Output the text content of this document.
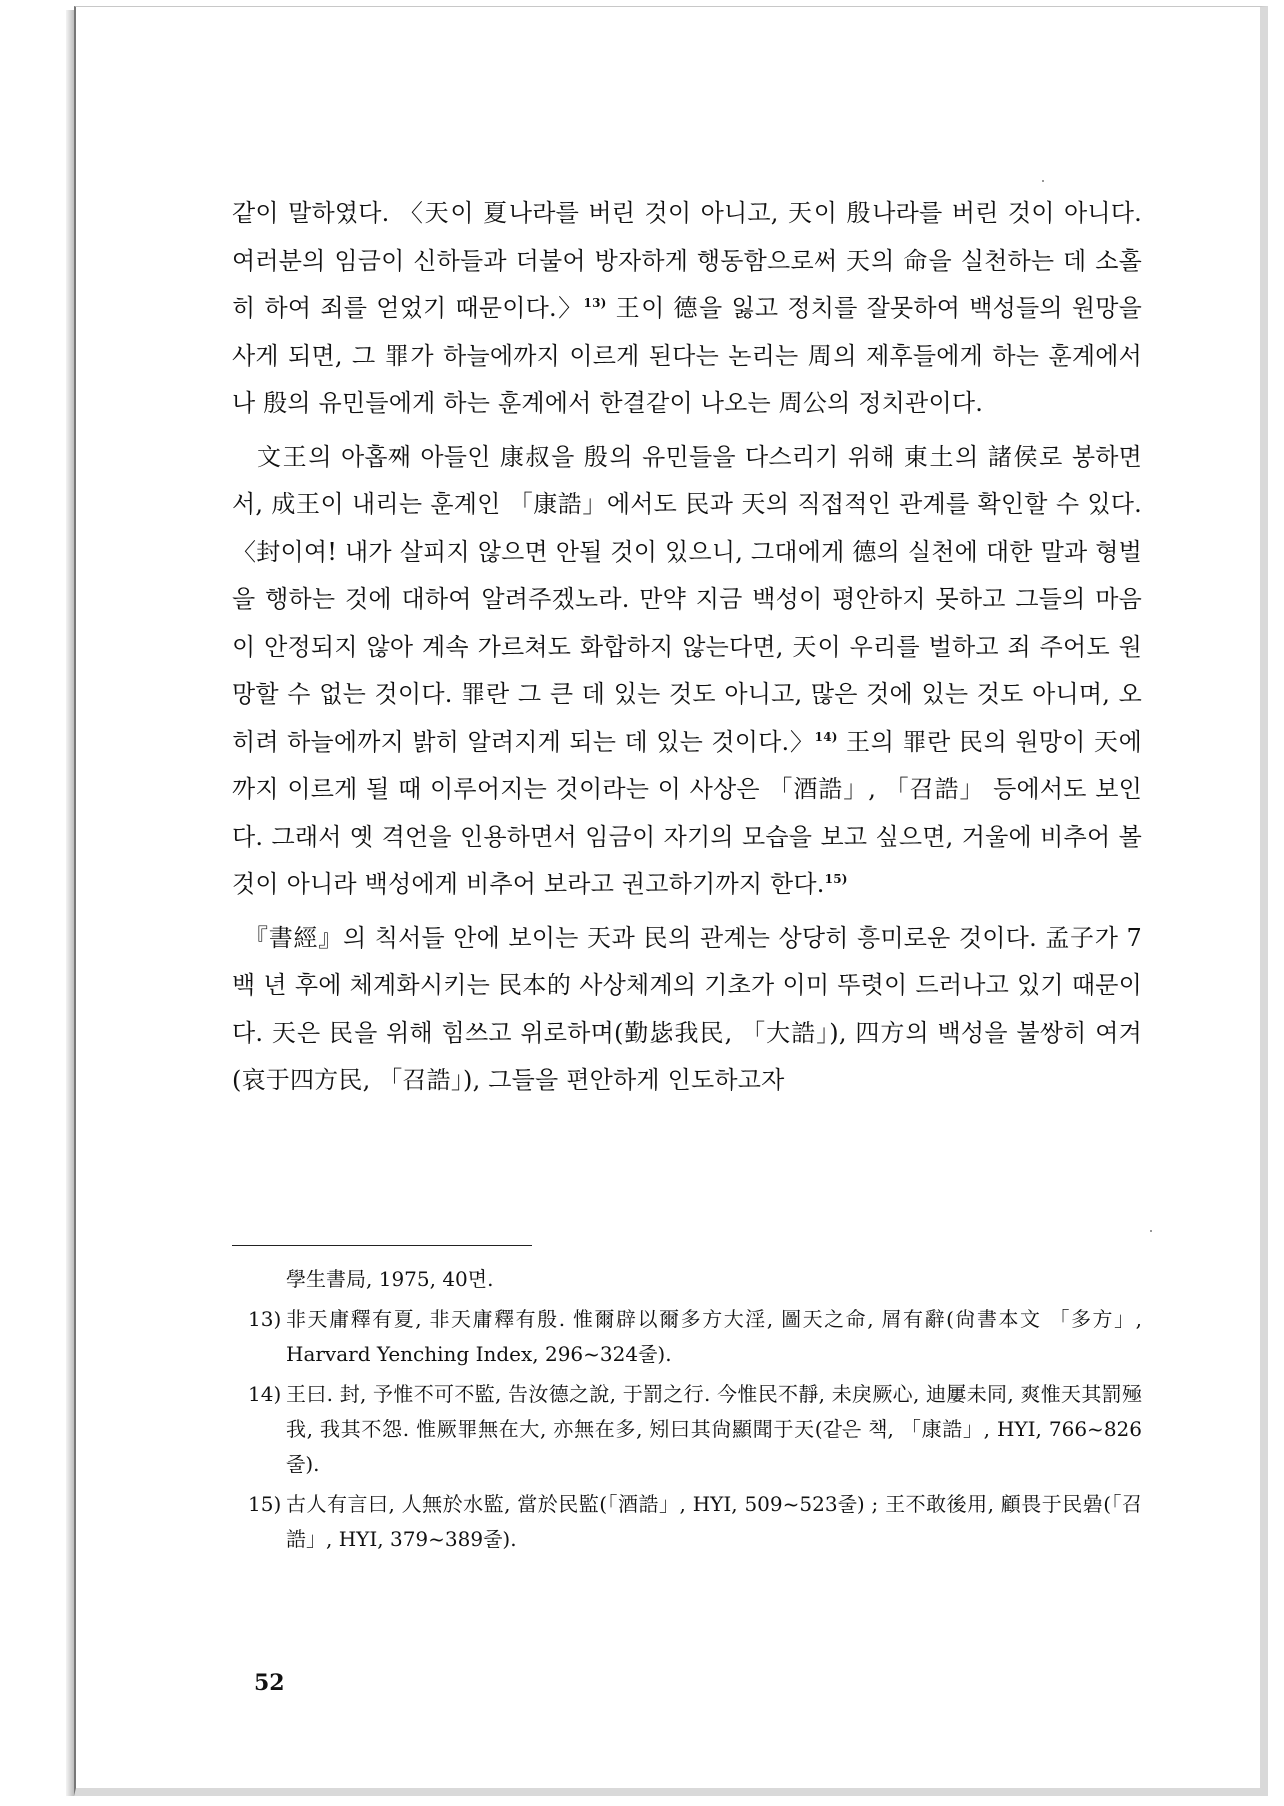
같이 말하였다. 〈天이 夏나라를 버린 것이 아니고, 天이 殷나라를 버린 것이 아니다. 여러분의 임금이 신하들과 더불어 방자하게 행동함으로써 天의 命을 실천하는 데 소홀히 하여 죄를 얻었기 때문이다.〉$^{13)}$ 王이 德을 잃고 정치를 잘못하여 백성들의 원망을 사게 되면, 그 罪가 하늘에까지 이르게 된다는 논리는 周의 제후들에게 하는 훈계에서나 殷의 유민들에게 하는 훈계에서 한결같이 나오는 周公의 정치관이다.

文王의 아홉째 아들인 康叔을 殷의 유민들을 다스리기 위해 東土의 諸侯로 봉하면서, 成王이 내리는 훈계인 「康誥」에서도 民과 天의 직접적인 관계를 확인할 수 있다. 〈封이여! 내가 살피지 않으면 안될 것이 있으니, 그대에게 德의 실천에 대한 말과 형벌을 행하는 것에 대하여 알려주겠노라. 만약 지금 백성이 평안하지 못하고 그들의 마음이 안정되지 않아 계속 가르쳐도 화합하지 않는다면, 天이 우리를 벌하고 죄 주어도 원망할 수 없는 것이다. 罪란 그 큰 데 있는 것도 아니고, 많은 것에 있는 것도 아니며, 오히려 하늘에까지 밝히 알려지게 되는 데 있는 것이다.〉$^{14)}$ 王의 罪란 民의 원망이 天에까지 이르게 될 때 이루어지는 것이라는 이 사상은 「酒誥」, 「召誥」 등에서도 보인다. 그래서 옛 격언을 인용하면서 임금이 자기의 모습을 보고 싶으면, 거울에 비추어 볼 것이 아니라 백성에게 비추어 보라고 권고하기까지 한다.$^{15)}$

『書經』의 칙서들 안에 보이는 天과 民의 관계는 상당히 흥미로운 것이다. 孟子가 7백 년 후에 체계화시키는 民本的 사상체계의 기초가 이미 뚜렷이 드러나고 있기 때문이다. 天은 民을 위해 힘쓰고 위로하며(勤毖我民, 「大誥」), 四方의 백성을 불쌍히 여겨(哀于四方民, 「召誥」), 그들을 편안하게 인도하고자

學生書局, 1975, 40면.
13) 非天庸釋有夏, 非天庸釋有殷. 惟爾辟以爾多方大淫, 圖天之命, 屑有辭(尙書本文 「多方」, Harvard Yenching Index, 296~324줄).
14) 王曰. 封, 予惟不可不監, 告汝德之說, 于罰之行. 今惟民不靜, 未戾厥心, 迪屢未同, 爽惟天其罰殛我, 我其不怨. 惟厥罪無在大, 亦無在多, 矧曰其尙顯聞于天(같은 책, 「康誥」, HYI, 766~826줄).
15) 古人有言曰, 人無於水監, 當於民監(「酒誥」, HYI, 509~523줄) ; 王不敢後用, 顧畏于民碞(「召誥」, HYI, 379~389줄).
52
